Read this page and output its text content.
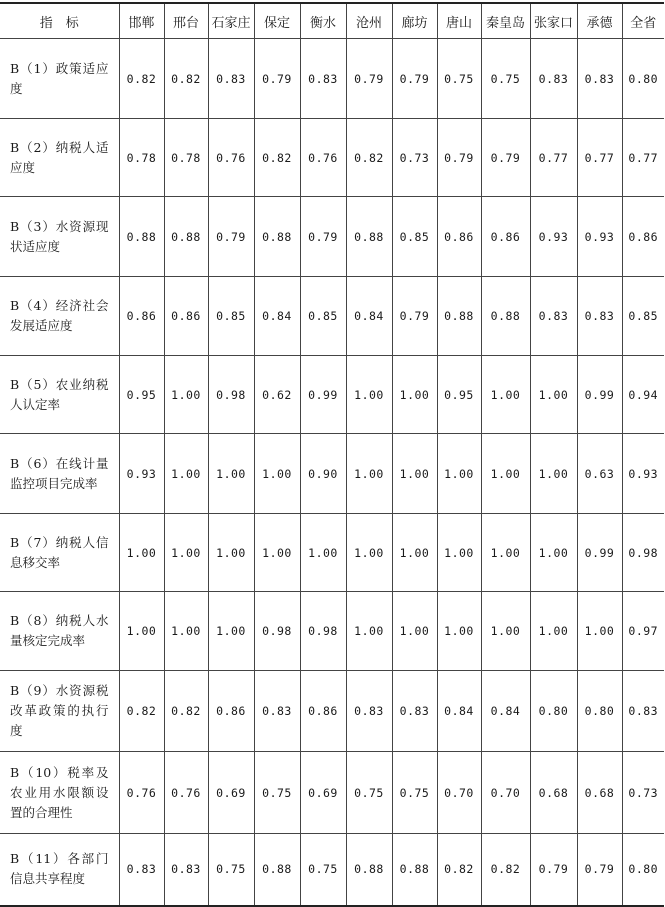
指　标	邯郸	邢台	石家庄	保定	衡水	沧州	廊坊	唐山	秦皇岛	张家口	承德	全省
B（1）政策适应度	0.82	0.82	0.83	0.79	0.83	0.79	0.79	0.75	0.75	0.83	0.83	0.80
B（2）纳税人适应度	0.78	0.78	0.76	0.82	0.76	0.82	0.73	0.79	0.79	0.77	0.77	0.77
B（3）水资源现状适应度	0.88	0.88	0.79	0.88	0.79	0.88	0.85	0.86	0.86	0.93	0.93	0.86
B（4）经济社会发展适应度	0.86	0.86	0.85	0.84	0.85	0.84	0.79	0.88	0.88	0.83	0.83	0.85
B（5）农业纳税人认定率	0.95	1.00	0.98	0.62	0.99	1.00	1.00	0.95	1.00	1.00	0.99	0.94
B（6）在线计量监控项目完成率	0.93	1.00	1.00	1.00	0.90	1.00	1.00	1.00	1.00	1.00	0.63	0.93
B（7）纳税人信息移交率	1.00	1.00	1.00	1.00	1.00	1.00	1.00	1.00	1.00	1.00	0.99	0.98
B（8）纳税人水量核定完成率	1.00	1.00	1.00	0.98	0.98	1.00	1.00	1.00	1.00	1.00	1.00	0.97
B（9）水资源税改革政策的执行度	0.82	0.82	0.86	0.83	0.86	0.83	0.83	0.84	0.84	0.80	0.80	0.83
B（10）税率及农业用水限额设置的合理性	0.76	0.76	0.69	0.75	0.69	0.75	0.75	0.70	0.70	0.68	0.68	0.73
B（11）各部门信息共享程度	0.83	0.83	0.75	0.88	0.75	0.88	0.88	0.82	0.82	0.79	0.79	0.80
